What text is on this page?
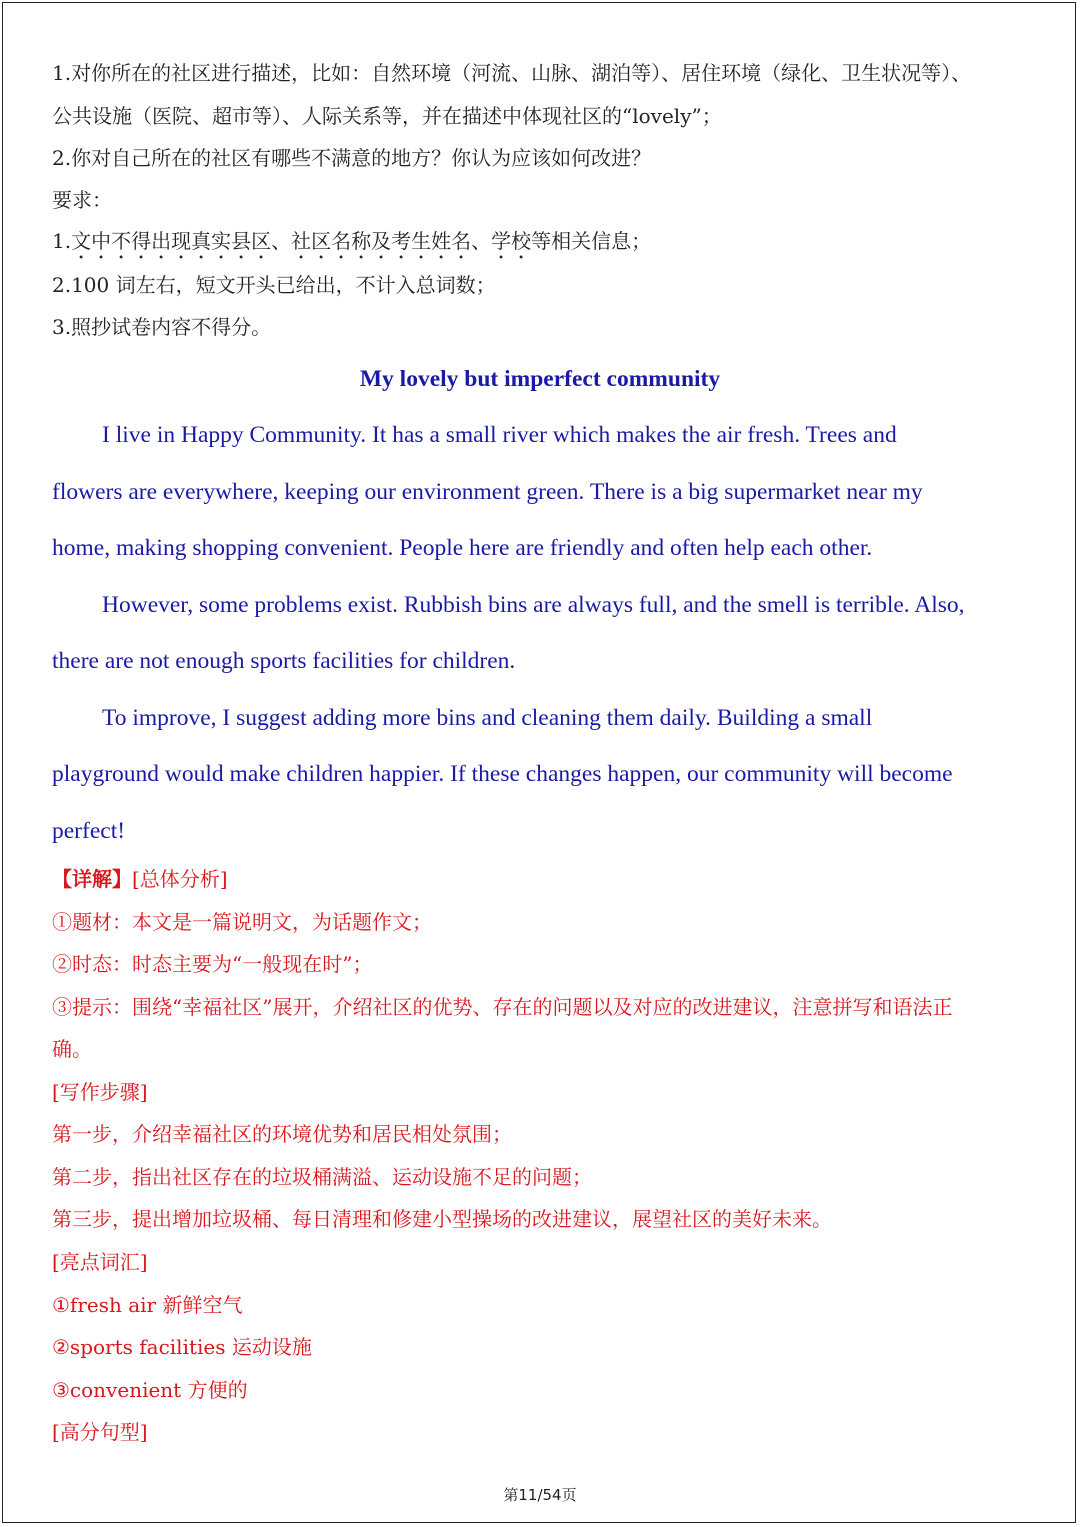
1.对你所在的社区进行描述，比如：自然环境（河流、山脉、湖泊等）、居住环境（绿化、卫生状况等）、
公共设施（医院、超市等）、人际关系等，并在描述中体现社区的“lovely”；
2.你对自己所在的社区有哪些不满意的地方？你认为应该如何改进？
要求：
1.文中不得出现真实县区、社区名称及考生姓名、学校等相关信息；
2.100 词左右，短文开头已给出，不计入总词数；
3.照抄试卷内容不得分。
My lovely but imperfect community
I live in Happy Community. It has a small river which makes the air fresh. Trees and
flowers are everywhere, keeping our environment green. There is a big supermarket near my
home, making shopping convenient. People here are friendly and often help each other.
However, some problems exist. Rubbish bins are always full, and the smell is terrible. Also,
there are not enough sports facilities for children.
To improve, I suggest adding more bins and cleaning them daily. Building a small
playground would make children happier. If these changes happen, our community will become
perfect!
【详解】[总体分析]
①题材：本文是一篇说明文，为话题作文；
②时态：时态主要为“一般现在时”；
③提示：围绕“幸福社区”展开，介绍社区的优势、存在的问题以及对应的改进建议，注意拼写和语法正
确。
[写作步骤]
第一步，介绍幸福社区的环境优势和居民相处氛围；
第二步，指出社区存在的垃圾桶满溢、运动设施不足的问题；
第三步，提出增加垃圾桶、每日清理和修建小型操场的改进建议，展望社区的美好未来。
[亮点词汇]
①fresh air 新鲜空气
②sports facilities 运动设施
③convenient 方便的
[高分句型]
第11/54页
